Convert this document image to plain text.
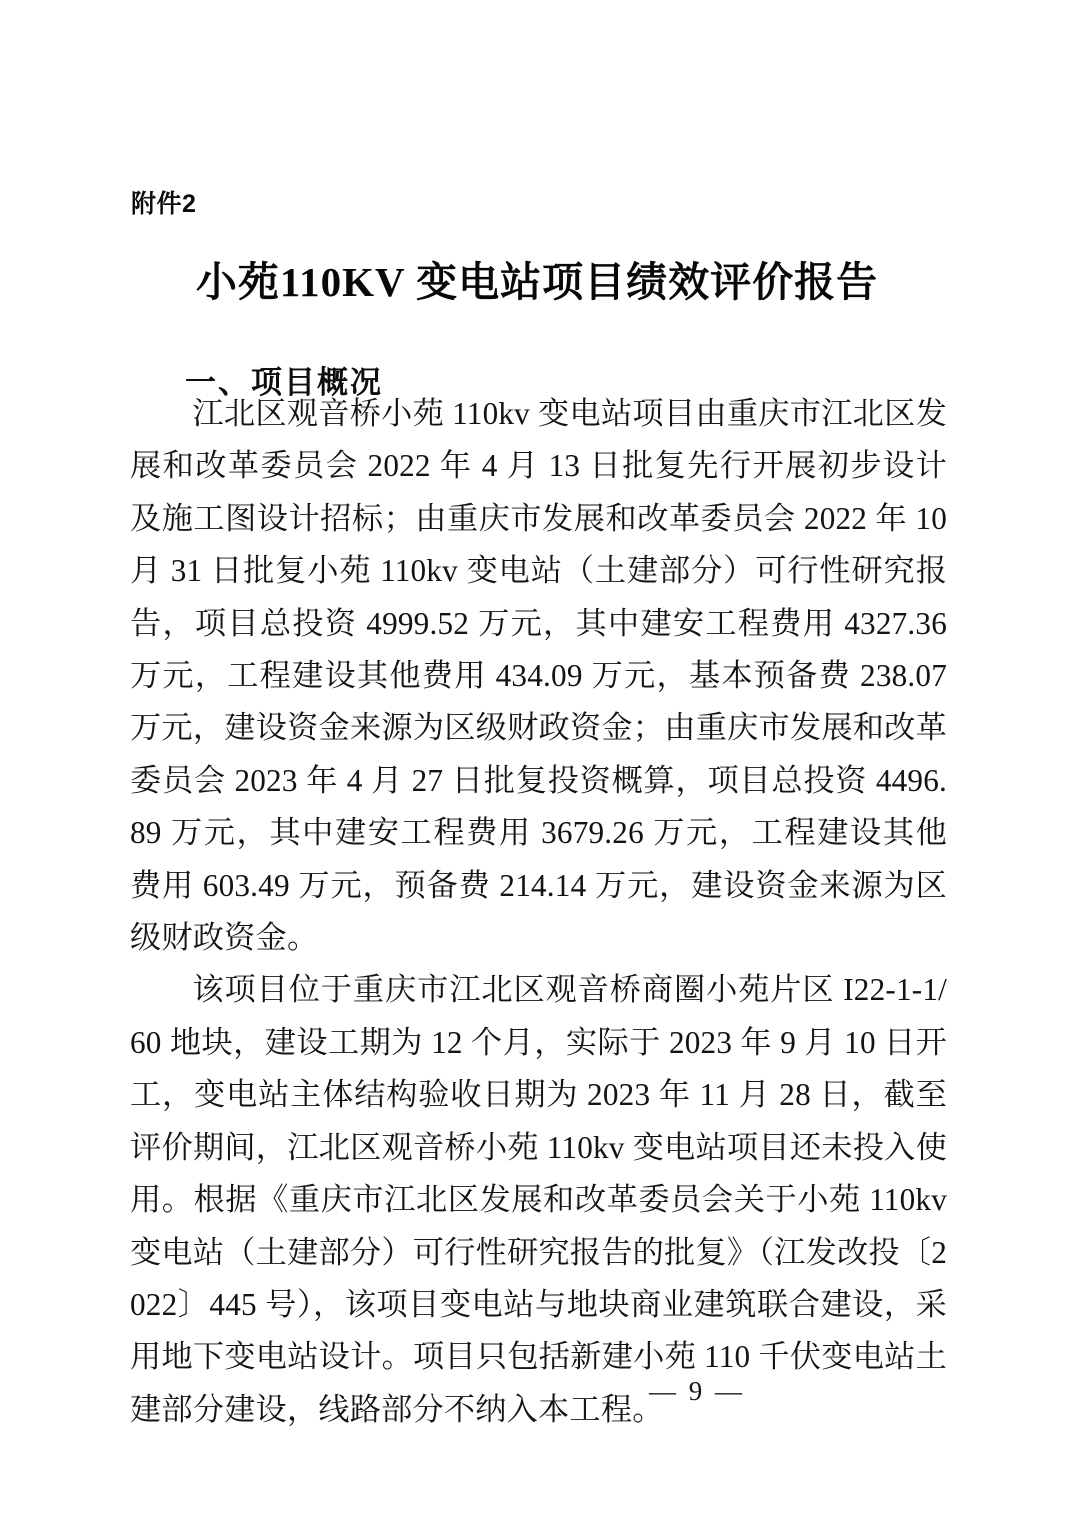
附件2
小苑110KV 变电站项目绩效评价报告
一、项目概况

江北区观音桥小苑 110kv 变电站项目由重庆市江北区发展和改革委员会 2022 年 4 月 13 日批复先行开展初步设计及施工图设计招标；由重庆市发展和改革委员会 2022 年 10 月 31 日批复小苑 110kv 变电站（土建部分）可行性研究报告，项目总投资 4999.52 万元，其中建安工程费用 4327.36 万元，工程建设其他费用 434.09 万元，基本预备费 238.07 万元，建设资金来源为区级财政资金；由重庆市发展和改革委员会 2023 年 4 月 27 日批复投资概算，项目总投资 4496.89 万元，其中建安工程费用 3679.26 万元，工程建设其他费用 603.49 万元，预备费 214.14 万元，建设资金来源为区级财政资金。

该项目位于重庆市江北区观音桥商圈小苑片区 I22-1-1/60 地块，建设工期为 12 个月，实际于 2023 年 9 月 10 日开工，变电站主体结构验收日期为 2023 年 11 月 28 日，截至评价期间，江北区观音桥小苑 110kv 变电站项目还未投入使用。根据《重庆市江北区发展和改革委员会关于小苑 110kv 变电站（土建部分）可行性研究报告的批复》（江发改投〔2022〕445 号），该项目变电站与地块商业建筑联合建设，采用地下变电站设计。项目只包括新建小苑 110 千伏变电站土建部分建设，线路部分不纳入本工程。

— 9 —
